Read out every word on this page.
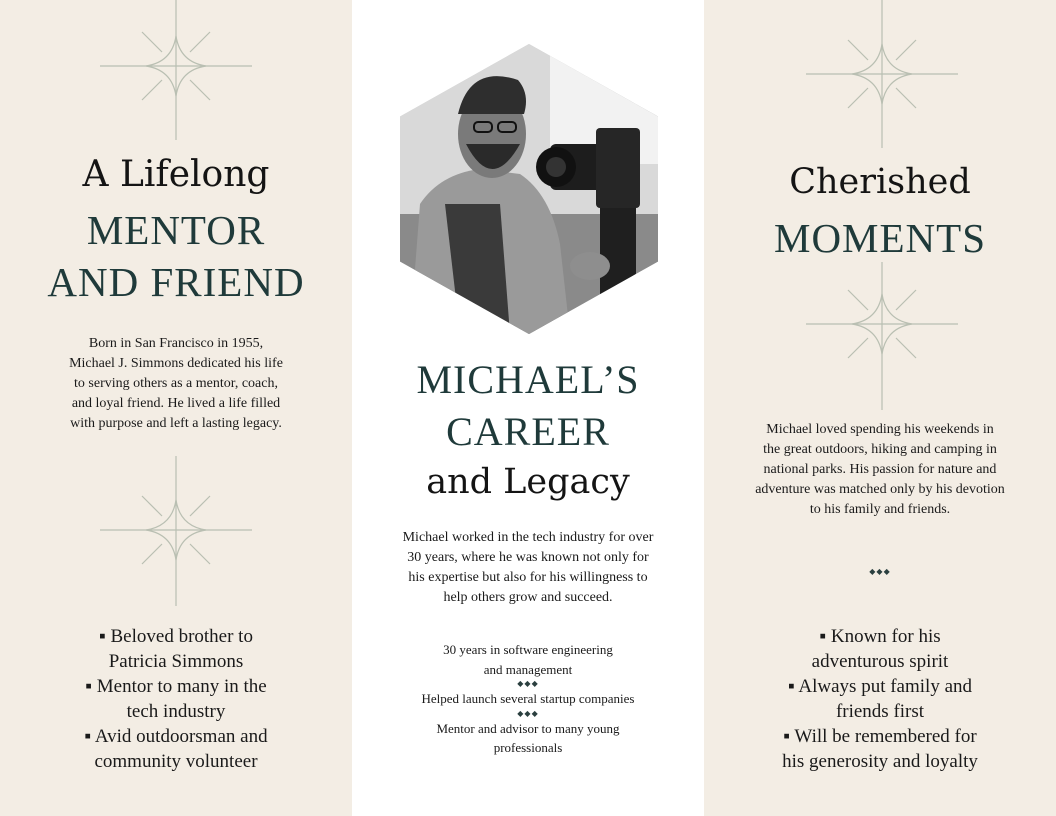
A Lifelong
MENTOR
AND FRIEND
Born in San Francisco in 1955,
Michael J. Simmons dedicated his life
to serving others as a mentor, coach,
and loyal friend. He lived a life filled
with purpose and left a lasting legacy.
▪ Beloved brother to
Patricia Simmons
▪ Mentor to many in the
tech industry
▪ Avid outdoorsman and
community volunteer
MICHAEL’S
CAREER
and Legacy
Michael worked in the tech industry for over
30 years, where he was known not only for
his expertise but also for his willingness to
help others grow and succeed.
30 years in software engineering
and management
◆◆◆
Helped launch several startup companies
◆◆◆
Mentor and advisor to many young
professionals
Cherished
MOMENTS
Michael loved spending his weekends in
the great outdoors, hiking and camping in
national parks. His passion for nature and
adventure was matched only by his devotion
to his family and friends.
◆◆◆
▪ Known for his
adventurous spirit
▪ Always put family and
friends first
▪ Will be remembered for
his generosity and loyalty
